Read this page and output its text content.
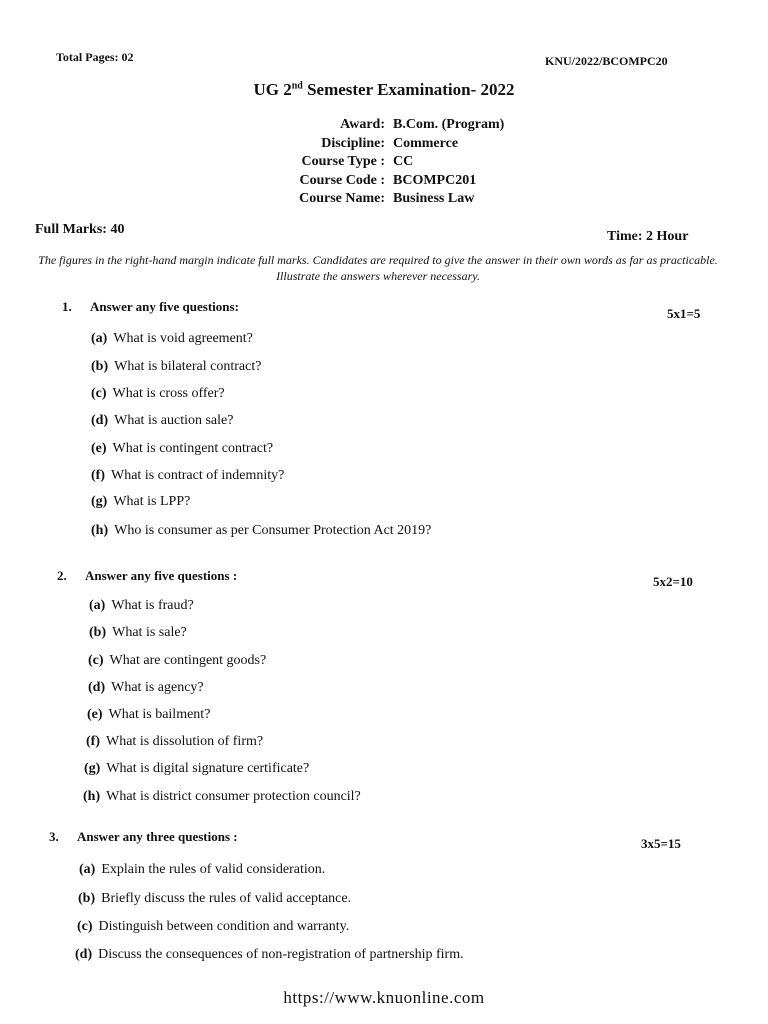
Total Pages: 02	KNU/2022/BCOMPC20
UG 2nd Semester Examination- 2022
Award: B.Com. (Program)
Discipline: Commerce
Course Type : CC
Course Code : BCOMPC201
Course Name: Business Law
Full Marks: 40	Time: 2 Hour
The figures in the right-hand margin indicate full marks. Candidates are required to give the answer in their own words as far as practicable. Illustrate the answers wherever necessary.
1. Answer any five questions:	5x1=5
(a) What is void agreement?
(b) What is bilateral contract?
(c) What is cross offer?
(d) What is auction sale?
(e) What is contingent contract?
(f) What is contract of indemnity?
(g) What is LPP?
(h) Who is consumer as per Consumer Protection Act 2019?
2. Answer any five questions :	5x2=10
(a) What is fraud?
(b) What is sale?
(c) What are contingent goods?
(d) What is agency?
(e) What is bailment?
(f) What is dissolution of firm?
(g) What is digital signature certificate?
(h) What is district consumer protection council?
3. Answer any three questions :	3x5=15
(a) Explain the rules of valid consideration.
(b) Briefly discuss the rules of valid acceptance.
(c) Distinguish between condition and warranty.
(d) Discuss the consequences of non-registration of partnership firm.
https://www.knuonline.com
